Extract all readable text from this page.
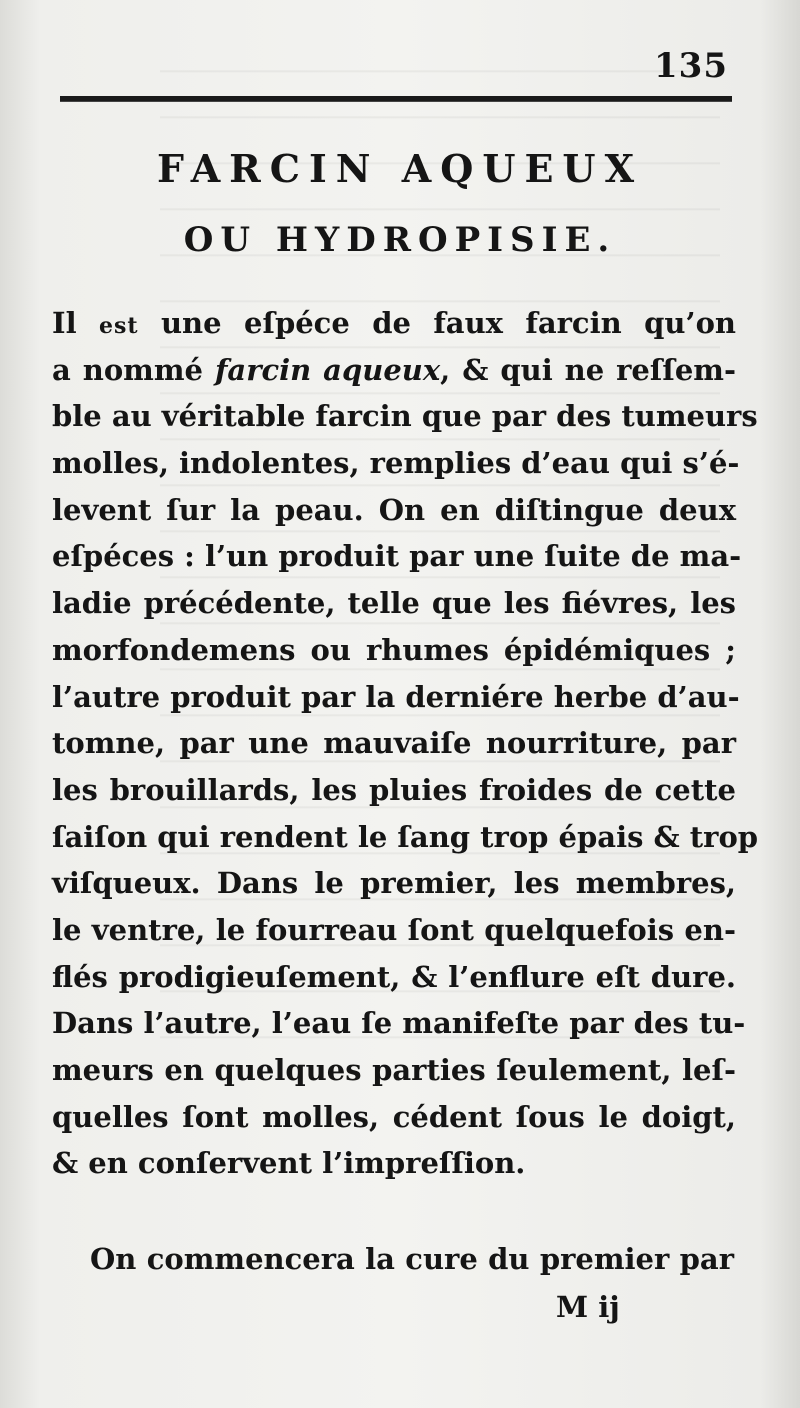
135
FARCIN AQUEUX
OU HYDROPISIE.
Il est une eſpéce de faux farcin qu’on
a nommé farcin aqueux, & qui ne reſſem-
ble au véritable farcin que par des tumeurs
molles, indolentes, remplies d’eau qui s’é-
levent ſur la peau. On en diſtingue deux
eſpéces : l’un produit par une ſuite de ma-
ladie précédente, telle que les fiévres, les
morfondemens ou rhumes épidémiques ;
l’autre produit par la derniére herbe d’au-
tomne, par une mauvaiſe nourriture, par
les brouillards, les pluies froides de cette
ſaiſon qui rendent le ſang trop épais & trop
viſqueux. Dans le premier, les membres,
le ventre, le fourreau ſont quelquefois en-
flés prodigieuſement, & l’enflure eſt dure.
Dans l’autre, l’eau ſe manifeſte par des tu-
meurs en quelques parties ſeulement, leſ-
quelles ſont molles, cédent ſous le doigt,
& en conſervent l’impreſſion.
On commencera la cure du premier par
M ij
